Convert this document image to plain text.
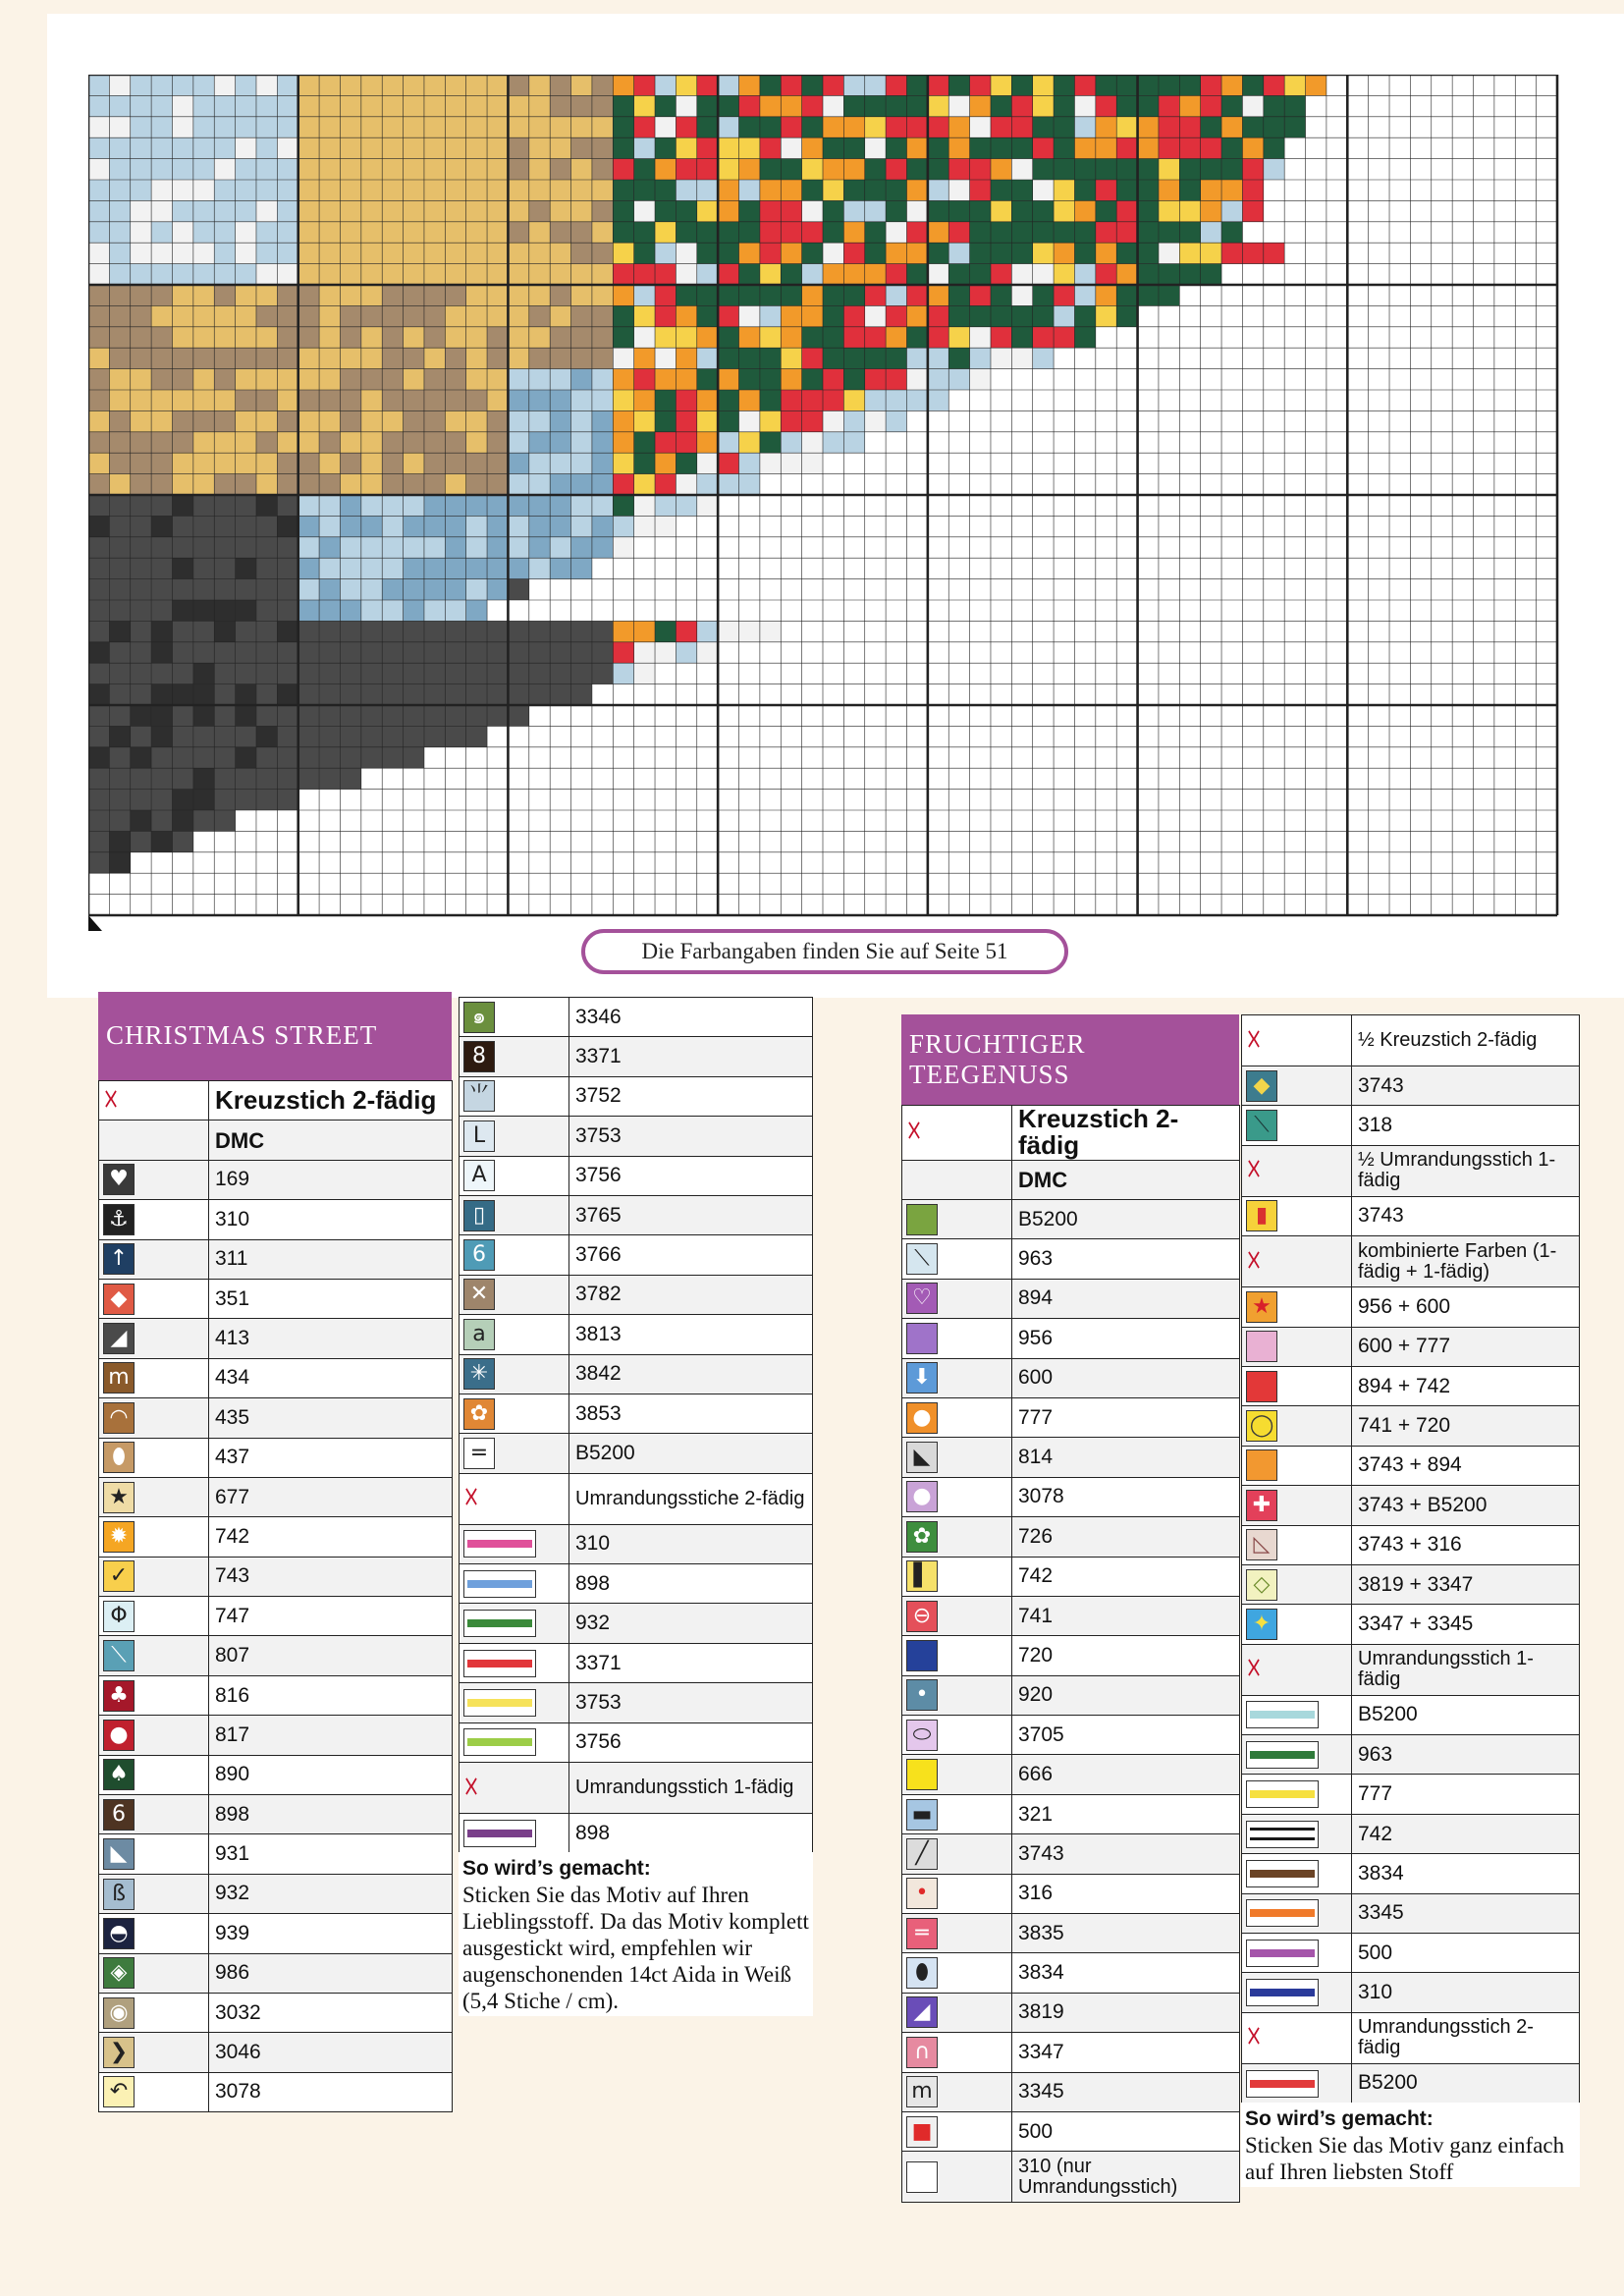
Die Farbangaben finden Sie auf Seite 51
CHRISTMAS STREET
☓	Kreuzstich 2-fädig
	DMC
♥	169
⚓	310
↑	311
◆	351
◢	413
m	434
◠	435
⬮	437
★	677
✹	742
✓	743
Φ	747
⟍	807
♣	816
●	817
♠	890
6	898
◣	931
ß	932
◓	939
◈	986
◉	3032
❯	3046
↶	3078
๑	3346
8	3371
⺌	3752
L	3753
A	3756
▯	3765
6	3766
✕	3782
a	3813
✳	3842
✿	3853
=	B5200
☓	Umrandungsstiche 2-fädig

	310

	898

	932

	3371

	3753

	3756
☓	Umrandungsstich 1-fädig

	898
So wird’s gemacht:
Sticken Sie das Motiv auf Ihren Lieblingsstoff. Da das Motiv komplett ausgestickt wird, empfehlen wir augenschonenden 14ct Aida in Weiß (5,4 Stiche / cm).
FRUCHTIGER TEEGENUSS
☓	Kreuzstich 2-fädig
	DMC
	B5200
⟍	963
♡	894
	956
⬇	600
●	777
◣	814
●	3078
✿	726
▌	742
⊖	741
	720
•	920
⬭	3705
	666
▬	321
╱	3743
•	316
═	3835
⬮	3834
◢	3819
∩	3347
m	3345
■	500
	310 (nur Umrandungsstich)
☓	½ Kreuzstich 2-fädig
◆	3743
⟍	318
☓	½ Umrandungsstich 1-fädig
▮	3743
☓	kombinierte Farben (1-fädig + 1-fädig)
★	956 + 600
	600 + 777
	894 + 742
◯	741 + 720
	3743 + 894
✚	3743 + B5200
◺	3743 + 316
◇	3819 + 3347
✦	3347 + 3345
☓	Umrandungsstich 1-fädig

	B5200

	963

	777

	742

	3834

	3345

	500

	310
☓	Umrandungsstich 2-fädig

	B5200
So wird’s gemacht:
Sticken Sie das Motiv ganz einfach auf Ihren liebsten Stoff
